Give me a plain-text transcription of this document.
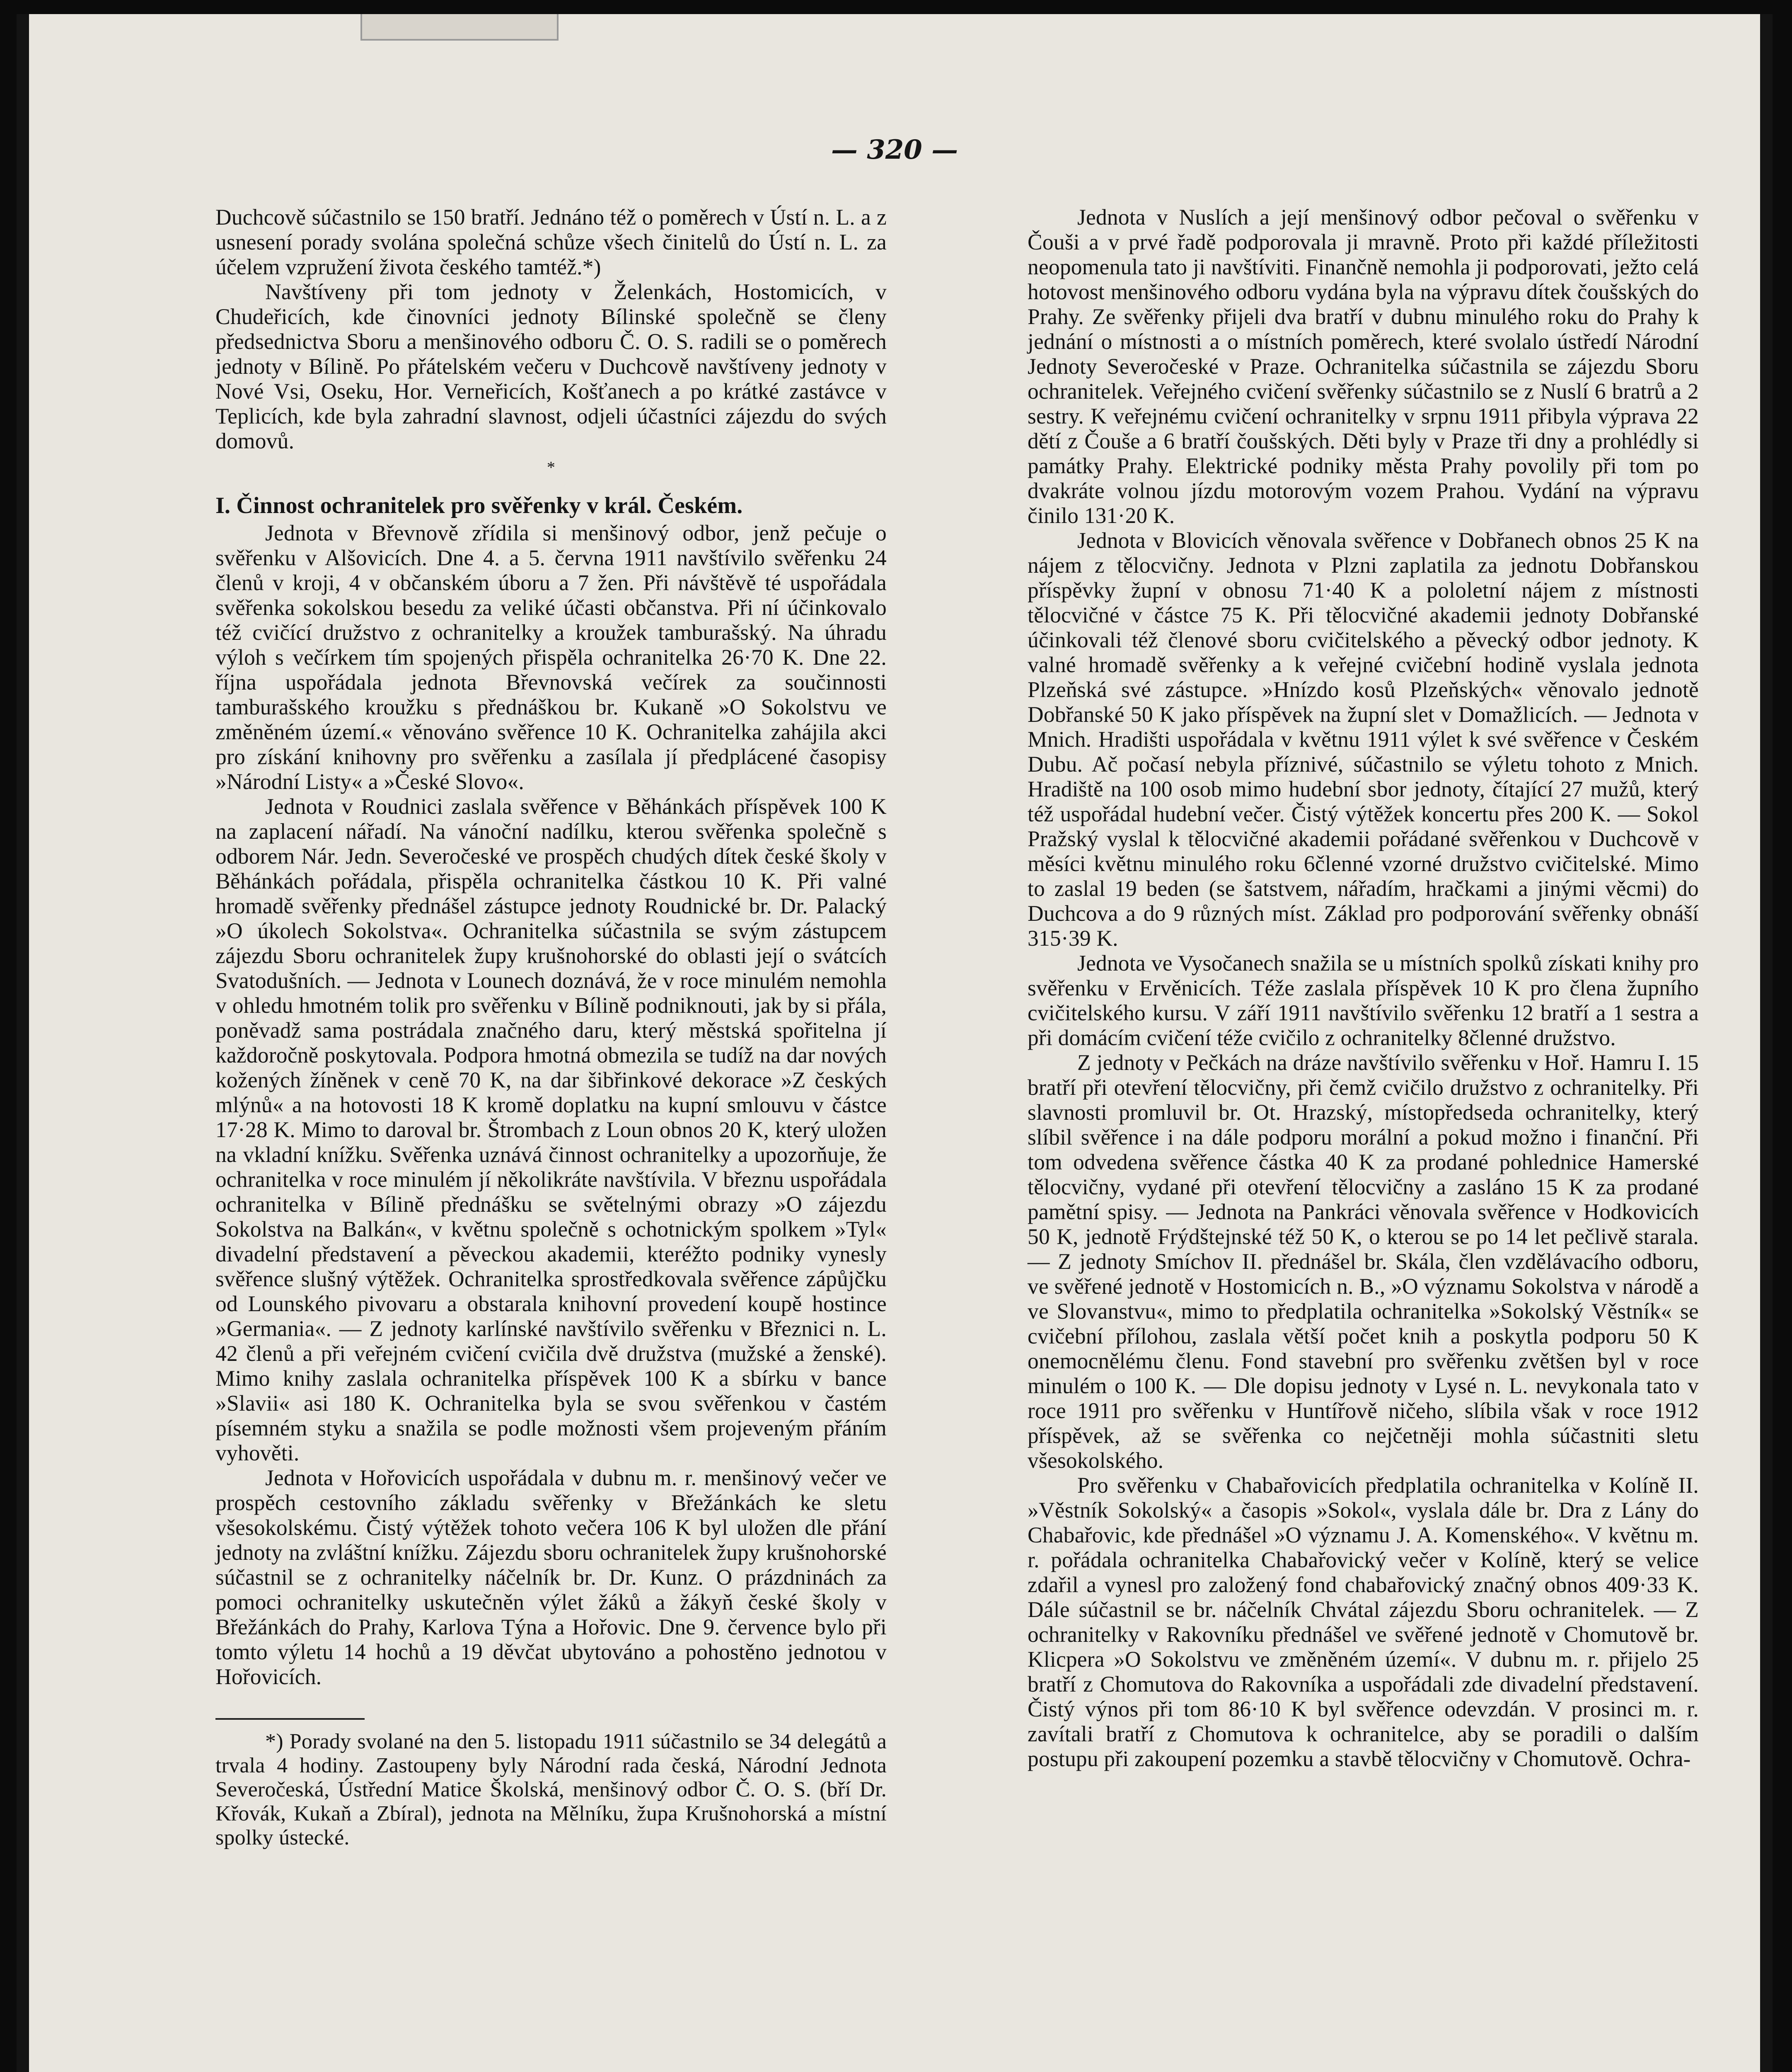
— 320 —

Duchcově súčastnilo se 150 bratří. Jednáno též o poměrech v Ústí n. L. a z usnesení porady svolána společná schůze všech činitelů do Ústí n. L. za účelem vzpružení života českého tamtéž.*)

Navštíveny při tom jednoty v Želenkách, Hostomicích, v Chudeřicích, kde činovníci jednoty Bílinské společně se členy předsednictva Sboru a menšinového odboru Č. O. S. radili se o poměrech jednoty v Bílině. Po přátelském večeru v Duchcově navštíveny jednoty v Nové Vsi, Oseku, Hor. Verneřicích, Košťanech a po krátké zastávce v Teplicích, kde byla zahradní slavnost, odjeli účastníci zájezdu do svých domovů.

*
I. Činnost ochranitelek pro svěřenky v král. Českém.

Jednota v Břevnově zřídila si menšinový odbor, jenž pečuje o svěřenku v Alšovicích. Dne 4. a 5. června 1911 navštívilo svěřenku 24 členů v kroji, 4 v občanském úboru a 7 žen. Při návštěvě té uspořádala svěřenka sokolskou besedu za veliké účasti občanstva. Při ní účinkovalo též cvičící družstvo z ochranitelky a kroužek tamburašský. Na úhradu výloh s večírkem tím spojených přispěla ochranitelka 26·70 K. Dne 22. října uspořádala jednota Břevnovská večírek za součinnosti tamburašského kroužku s přednáškou br. Kukaně »O Sokolstvu ve změněném území.« věnováno svěřence 10 K. Ochranitelka zahájila akci pro získání knihovny pro svěřenku a zasílala jí předplácené časopisy »Národní Listy« a »České Slovo«.

Jednota v Roudnici zaslala svěřence v Běhánkách příspěvek 100 K na zaplacení nářadí. Na vánoční nadílku, kterou svěřenka společně s odborem Nár. Jedn. Severočeské ve prospěch chudých dítek české školy v Běhánkách pořádala, přispěla ochranitelka částkou 10 K. Při valné hromadě svěřenky přednášel zástupce jednoty Roudnické br. Dr. Palacký »O úkolech Sokolstva«. Ochranitelka súčastnila se svým zástupcem zájezdu Sboru ochranitelek župy krušnohorské do oblasti její o svátcích Svatodušních. — Jednota v Lounech doznává, že v roce minulém nemohla v ohledu hmotném tolik pro svěřenku v Bílině podniknouti, jak by si přála, poněvadž sama postrádala značného daru, který městská spořitelna jí každoročně poskytovala. Podpora hmotná obmezila se tudíž na dar nových kožených žíněnek v ceně 70 K, na dar šibřinkové dekorace »Z českých mlýnů« a na hotovosti 18 K kromě doplatku na kupní smlouvu v částce 17·28 K. Mimo to daroval br. Štrombach z Loun obnos 20 K, který uložen na vkladní knížku. Svěřenka uznává činnost ochranitelky a upozorňuje, že ochranitelka v roce minulém jí několikráte navštívila. V březnu uspořádala ochranitelka v Bílině přednášku se světelnými obrazy »O zájezdu Sokolstva na Balkán«, v květnu společně s ochotnickým spolkem »Tyl« divadelní představení a pěveckou akademii, kteréžto podniky vynesly svěřence slušný výtěžek. Ochranitelka sprostředkovala svěřence zápůjčku od Lounského pivovaru a obstarala knihovní provedení koupě hostince »Germania«. — Z jednoty karlínské navštívilo svěřenku v Březnici n. L. 42 členů a při veřejném cvičení cvičila dvě družstva (mužské a ženské). Mimo knihy zaslala ochranitelka příspěvek 100 K a sbírku v bance »Slavii« asi 180 K. Ochranitelka byla se svou svěřenkou v častém písemném styku a snažila se podle možnosti všem projeveným přáním vyhověti.

Jednota v Hořovicích uspořádala v dubnu m. r. menšinový večer ve prospěch cestovního základu svěřenky v Břežánkách ke sletu všesokolskému. Čistý výtěžek tohoto večera 106 K byl uložen dle přání jednoty na zvláštní knížku. Zájezdu sboru ochranitelek župy krušnohorské súčastnil se z ochranitelky náčelník br. Dr. Kunz. O prázdninách za pomoci ochranitelky uskutečněn výlet žáků a žákyň české školy v Břežánkách do Prahy, Karlova Týna a Hořovic. Dne 9. července bylo při tomto výletu 14 hochů a 19 děvčat ubytováno a pohostěno jednotou v Hořovicích.

*) Porady svolané na den 5. listopadu 1911 súčastnilo se 34 delegátů a trvala 4 hodiny. Zastoupeny byly Národní rada česká, Národní Jednota Severočeská, Ústřední Matice Školská, menšinový odbor Č. O. S. (bří Dr. Křovák, Kukaň a Zbíral), jednota na Mělníku, župa Krušnohorská a místní spolky ústecké.

Jednota v Nuslích a její menšinový odbor pečoval o svěřenku v Čouši a v prvé řadě podporovala ji mravně. Proto při každé příležitosti neopomenula tato ji navštíviti. Finančně nemohla ji podporovati, ježto celá hotovost menšinového odboru vydána byla na výpravu dítek čoušských do Prahy. Ze svěřenky přijeli dva bratří v dubnu minulého roku do Prahy k jednání o místnosti a o místních poměrech, které svolalo ústředí Národní Jednoty Severočeské v Praze. Ochranitelka súčastnila se zájezdu Sboru ochranitelek. Veřejného cvičení svěřenky súčastnilo se z Nuslí 6 bratrů a 2 sestry. K veřejnému cvičení ochranitelky v srpnu 1911 přibyla výprava 22 dětí z Čouše a 6 bratří čoušských. Děti byly v Praze tři dny a prohlédly si památky Prahy. Elektrické podniky města Prahy povolily při tom po dvakráte volnou jízdu motorovým vozem Prahou. Vydání na výpravu činilo 131·20 K.

Jednota v Blovicích věnovala svěřence v Dobřanech obnos 25 K na nájem z tělocvičny. Jednota v Plzni zaplatila za jednotu Dobřanskou příspěvky župní v obnosu 71·40 K a pololetní nájem z místnosti tělocvičné v částce 75 K. Při tělocvičné akademii jednoty Dobřanské účinkovali též členové sboru cvičitelského a pěvecký odbor jednoty. K valné hromadě svěřenky a k veřejné cvičební hodině vyslala jednota Plzeňská své zástupce. »Hnízdo kosů Plzeňských« věnovalo jednotě Dobřanské 50 K jako příspěvek na župní slet v Domažlicích. — Jednota v Mnich. Hradišti uspořádala v květnu 1911 výlet k své svěřence v Českém Dubu. Ač počasí nebyla příznivé, súčastnilo se výletu tohoto z Mnich. Hradiště na 100 osob mimo hudební sbor jednoty, čítající 27 mužů, který též uspořádal hudební večer. Čistý výtěžek koncertu přes 200 K. — Sokol Pražský vyslal k tělocvičné akademii pořádané svěřenkou v Duchcově v měsíci květnu minulého roku 6členné vzorné družstvo cvičitelské. Mimo to zaslal 19 beden (se šatstvem, nářadím, hračkami a jinými věcmi) do Duchcova a do 9 různých míst. Základ pro podporování svěřenky obnáší 315·39 K.

Jednota ve Vysočanech snažila se u místních spolků získati knihy pro svěřenku v Ervěnicích. Téže zaslala příspěvek 10 K pro člena župního cvičitelského kursu. V září 1911 navštívilo svěřenku 12 bratří a 1 sestra a při domácím cvičení téže cvičilo z ochranitelky 8členné družstvo.

Z jednoty v Pečkách na dráze navštívilo svěřenku v Hoř. Hamru I. 15 bratří při otevření tělocvičny, při čemž cvičilo družstvo z ochranitelky. Při slavnosti promluvil br. Ot. Hrazský, místopředseda ochranitelky, který slíbil svěřence i na dále podporu morální a pokud možno i finanční. Při tom odvedena svěřence částka 40 K za prodané pohlednice Hamerské tělocvičny, vydané při otevření tělocvičny a zasláno 15 K za prodané pamětní spisy. — Jednota na Pankráci věnovala svěřence v Hodkovicích 50 K, jednotě Frýdštejnské též 50 K, o kterou se po 14 let pečlivě starala. — Z jednoty Smíchov II. přednášel br. Skála, člen vzdělávacího odboru, ve svěřené jednotě v Hostomicích n. B., »O významu Sokolstva v národě a ve Slovanstvu«, mimo to předplatila ochranitelka »Sokolský Věstník« se cvičební přílohou, zaslala větší počet knih a poskytla podporu 50 K onemocnělému členu. Fond stavební pro svěřenku zvětšen byl v roce minulém o 100 K. — Dle dopisu jednoty v Lysé n. L. nevykonala tato v roce 1911 pro svěřenku v Huntířově ničeho, slíbila však v roce 1912 příspěvek, až se svěřenka co nejčetněji mohla súčastniti sletu všesokolského.

Pro svěřenku v Chabařovicích předplatila ochranitelka v Kolíně II. »Věstník Sokolský« a časopis »Sokol«, vyslala dále br. Dra z Lány do Chabařovic, kde přednášel »O významu J. A. Komenského«. V květnu m. r. pořádala ochranitelka Chabařovický večer v Kolíně, který se velice zdařil a vynesl pro založený fond chabařovický značný obnos 409·33 K. Dále súčastnil se br. náčelník Chvátal zájezdu Sboru ochranitelek. — Z ochranitelky v Rakovníku přednášel ve svěřené jednotě v Chomutově br. Klicpera »O Sokolstvu ve změněném území«. V dubnu m. r. přijelo 25 bratří z Chomutova do Rakovníka a uspořádali zde divadelní představení. Čistý výnos při tom 86·10 K byl svěřence odevzdán. V prosinci m. r. zavítali bratří z Chomutova k ochranitelce, aby se poradili o dalším postupu při zakoupení pozemku a stavbě tělocvičny v Chomutově. Ochra-
